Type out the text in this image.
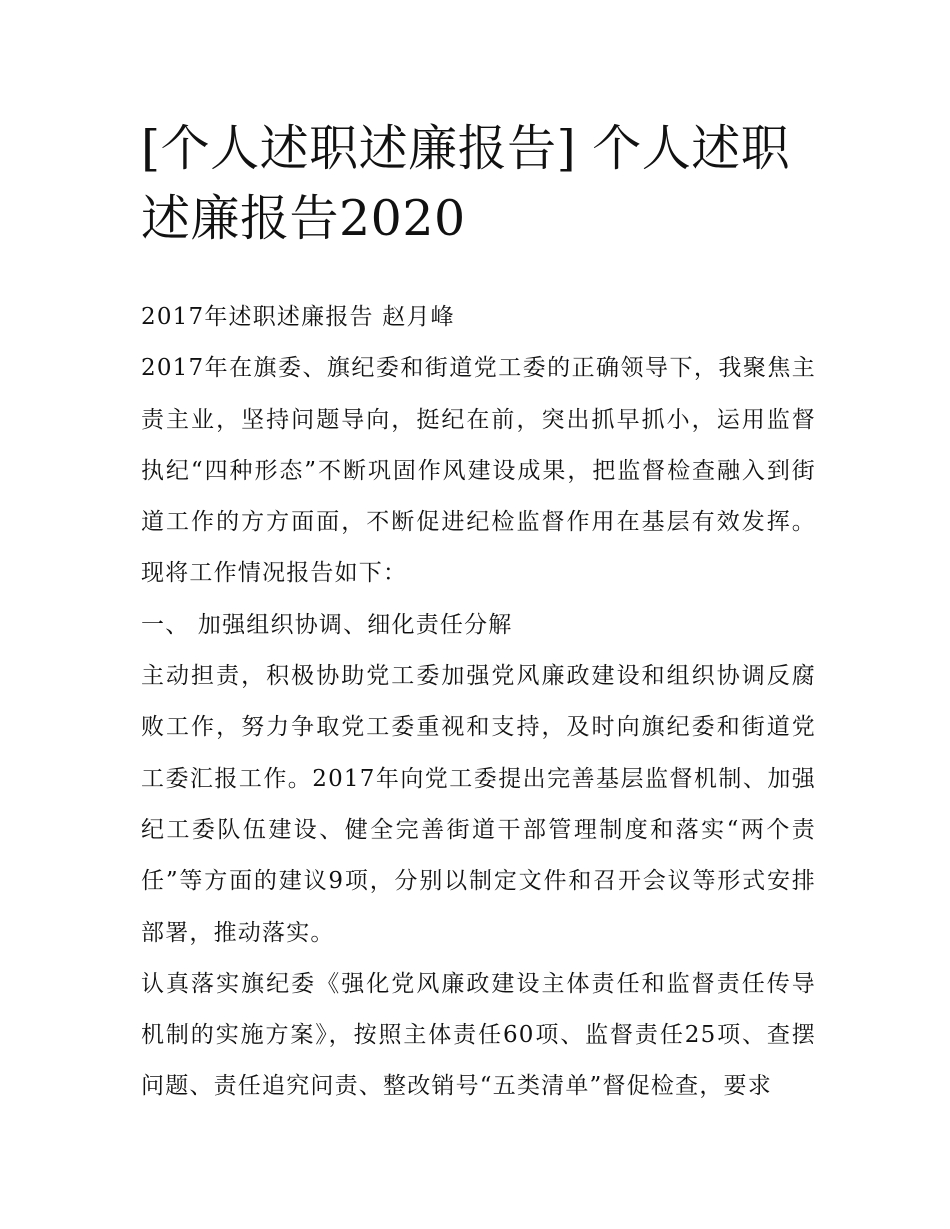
[个人述职述廉报告] 个人述职述廉报告2020

2017年述职述廉报告 赵月峰

2017年在旗委、旗纪委和街道党工委的正确领导下，我聚焦主责主业，坚持问题导向，挺纪在前，突出抓早抓小，运用监督执纪“四种形态”不断巩固作风建设成果，把监督检查融入到街道工作的方方面面，不断促进纪检监督作用在基层有效发挥。现将工作情况报告如下：

一、 加强组织协调、细化责任分解

主动担责，积极协助党工委加强党风廉政建设和组织协调反腐败工作，努力争取党工委重视和支持，及时向旗纪委和街道党工委汇报工作。2017年向党工委提出完善基层监督机制、加强纪工委队伍建设、健全完善街道干部管理制度和落实“两个责任”等方面的建议9项，分别以制定文件和召开会议等形式安排部署，推动落实。

认真落实旗纪委《强化党风廉政建设主体责任和监督责任传导机制的实施方案》，按照主体责任60项、监督责任25项、查摆问题、责任追究问责、整改销号“五类清单”督促检查，要求
